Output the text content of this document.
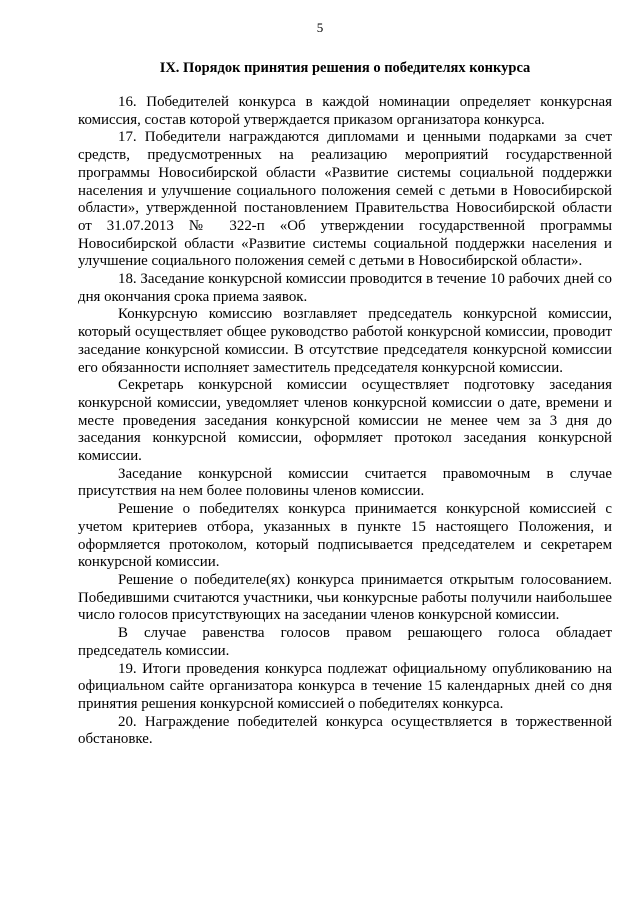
5
IX. Порядок принятия решения о победителях конкурса

16. Победителей конкурса в каждой номинации определяет конкурсная комиссия, состав которой утверждается приказом организатора конкурса.

17. Победители награждаются дипломами и ценными подарками за счет средств, предусмотренных на реализацию мероприятий государственной программы Новосибирской области «Развитие системы социальной поддержки населения и улучшение социального положения семей с детьми в Новосибирской области», утвержденной постановлением Правительства Новосибирской области от 31.07.2013 № 322-п «Об утверждении государственной программы Новосибирской области «Развитие системы социальной поддержки населения и улучшение социального положения семей с детьми в Новосибирской области».

18. Заседание конкурсной комиссии проводится в течение 10 рабочих дней со дня окончания срока приема заявок.

Конкурсную комиссию возглавляет председатель конкурсной комиссии, который осуществляет общее руководство работой конкурсной комиссии, проводит заседание конкурсной комиссии. В отсутствие председателя конкурсной комиссии его обязанности исполняет заместитель председателя конкурсной комиссии.

Секретарь конкурсной комиссии осуществляет подготовку заседания конкурсной комиссии, уведомляет членов конкурсной комиссии о дате, времени и месте проведения заседания конкурсной комиссии не менее чем за 3 дня до заседания конкурсной комиссии, оформляет протокол заседания конкурсной комиссии.

Заседание конкурсной комиссии считается правомочным в случае присутствия на нем более половины членов комиссии.

Решение о победителях конкурса принимается конкурсной комиссией с учетом критериев отбора, указанных в пункте 15 настоящего Положения, и оформляется протоколом, который подписывается председателем и секретарем конкурсной комиссии.

Решение о победителе(ях) конкурса принимается открытым голосованием. Победившими считаются участники, чьи конкурсные работы получили наибольшее число голосов присутствующих на заседании членов конкурсной комиссии.

В случае равенства голосов правом решающего голоса обладает председатель комиссии.

19. Итоги проведения конкурса подлежат официальному опубликованию на официальном сайте организатора конкурса в течение 15 календарных дней со дня принятия решения конкурсной комиссией о победителях конкурса.

20. Награждение победителей конкурса осуществляется в торжественной обстановке.
